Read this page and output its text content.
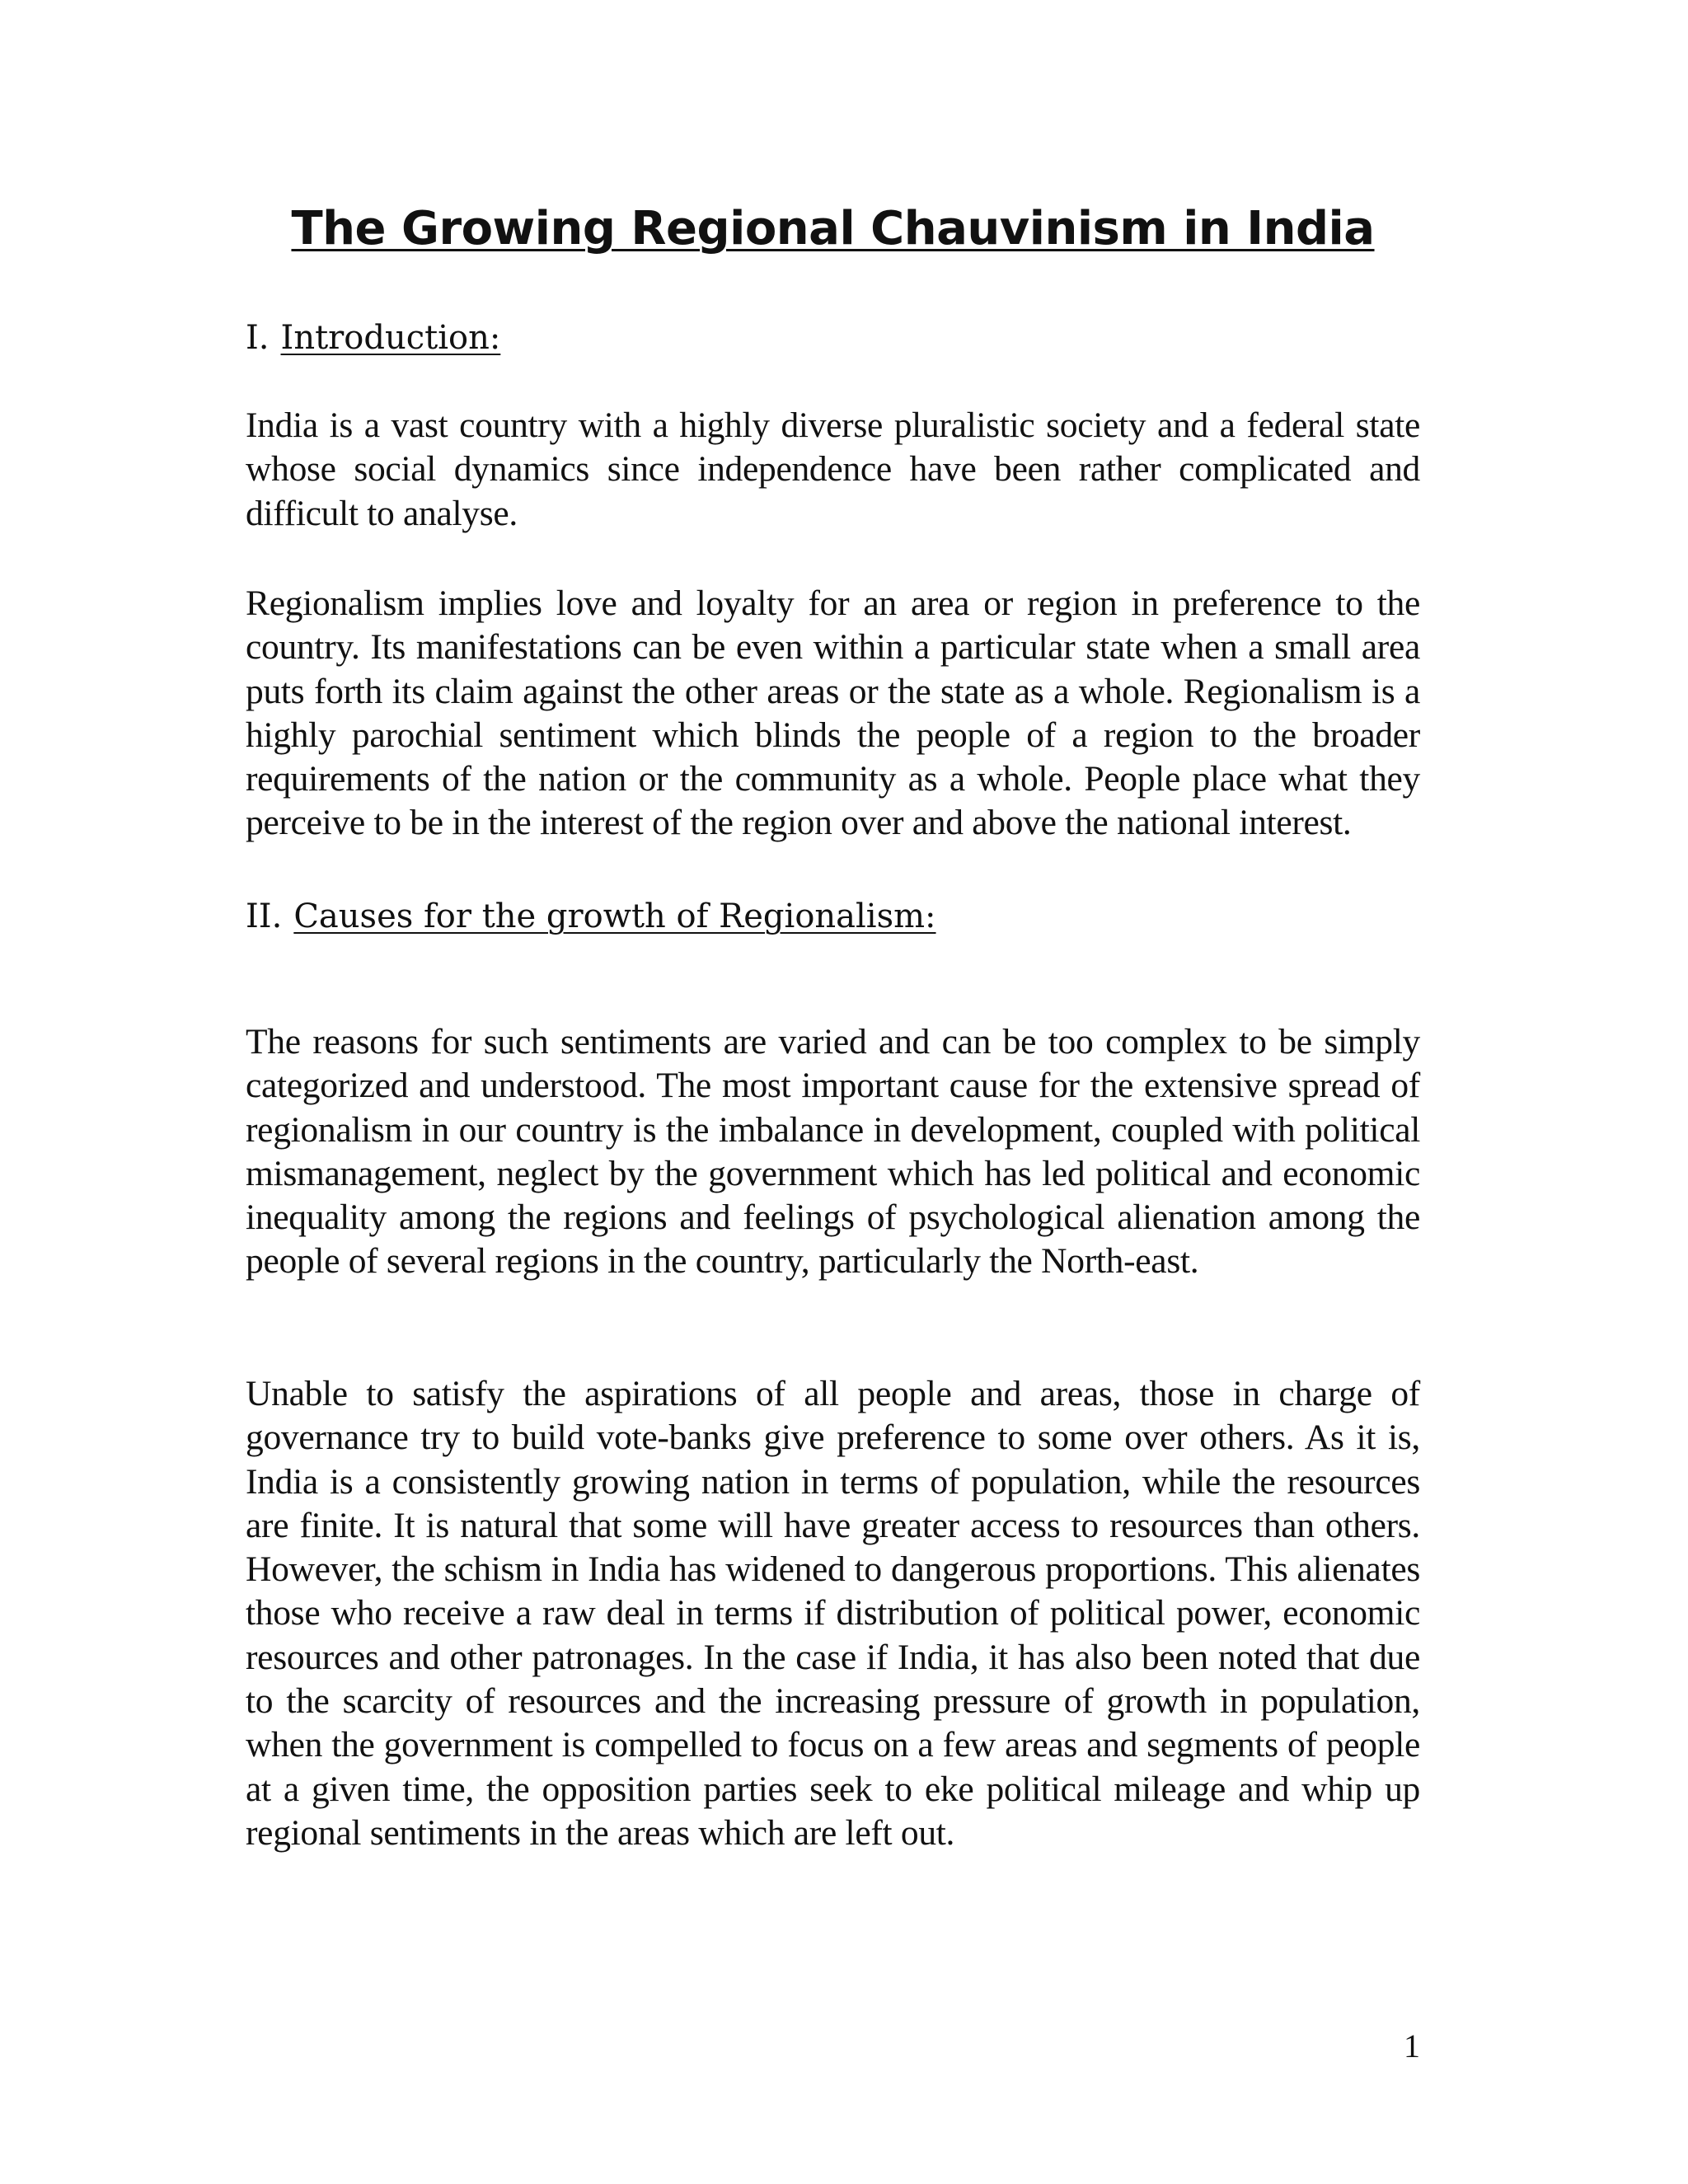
The Growing Regional Chauvinism in India
I. Introduction:

India is a vast country with a highly diverse pluralistic society and a federal state whose social dynamics since independence have been rather complicated and difficult to analyse.

Regionalism implies love and loyalty for an area or region in preference to the country. Its manifestations can be even within a particular state when a small area puts forth its claim against the other areas or the state as a whole. Regionalism is a highly parochial sentiment which blinds the people of a region to the broader requirements of the nation or the community as a whole. People place what they perceive to be in the interest of the region over and above the national interest.

II. Causes for the growth of Regionalism:

The reasons for such sentiments are varied and can be too complex to be simply categorized and understood. The most important cause for the extensive spread of regionalism in our country is the imbalance in development, coupled with political mismanagement, neglect by the government which has led political and economic inequality among the regions and feelings of psychological alienation among the people of several regions in the country, particularly the North-east.

Unable to satisfy the aspirations of all people and areas, those in charge of governance try to build vote-banks give preference to some over others. As it is, India is a consistently growing nation in terms of population, while the resources are finite. It is natural that some will have greater access to resources than others. However, the schism in India has widened to dangerous proportions. This alienates those who receive a raw deal in terms if distribution of political power, economic resources and other patronages. In the case if India, it has also been noted that due to the scarcity of resources and the increasing pressure of growth in population, when the government is compelled to focus on a few areas and segments of people at a given time, the opposition parties seek to eke political mileage and whip up regional sentiments in the areas which are left out.

1
